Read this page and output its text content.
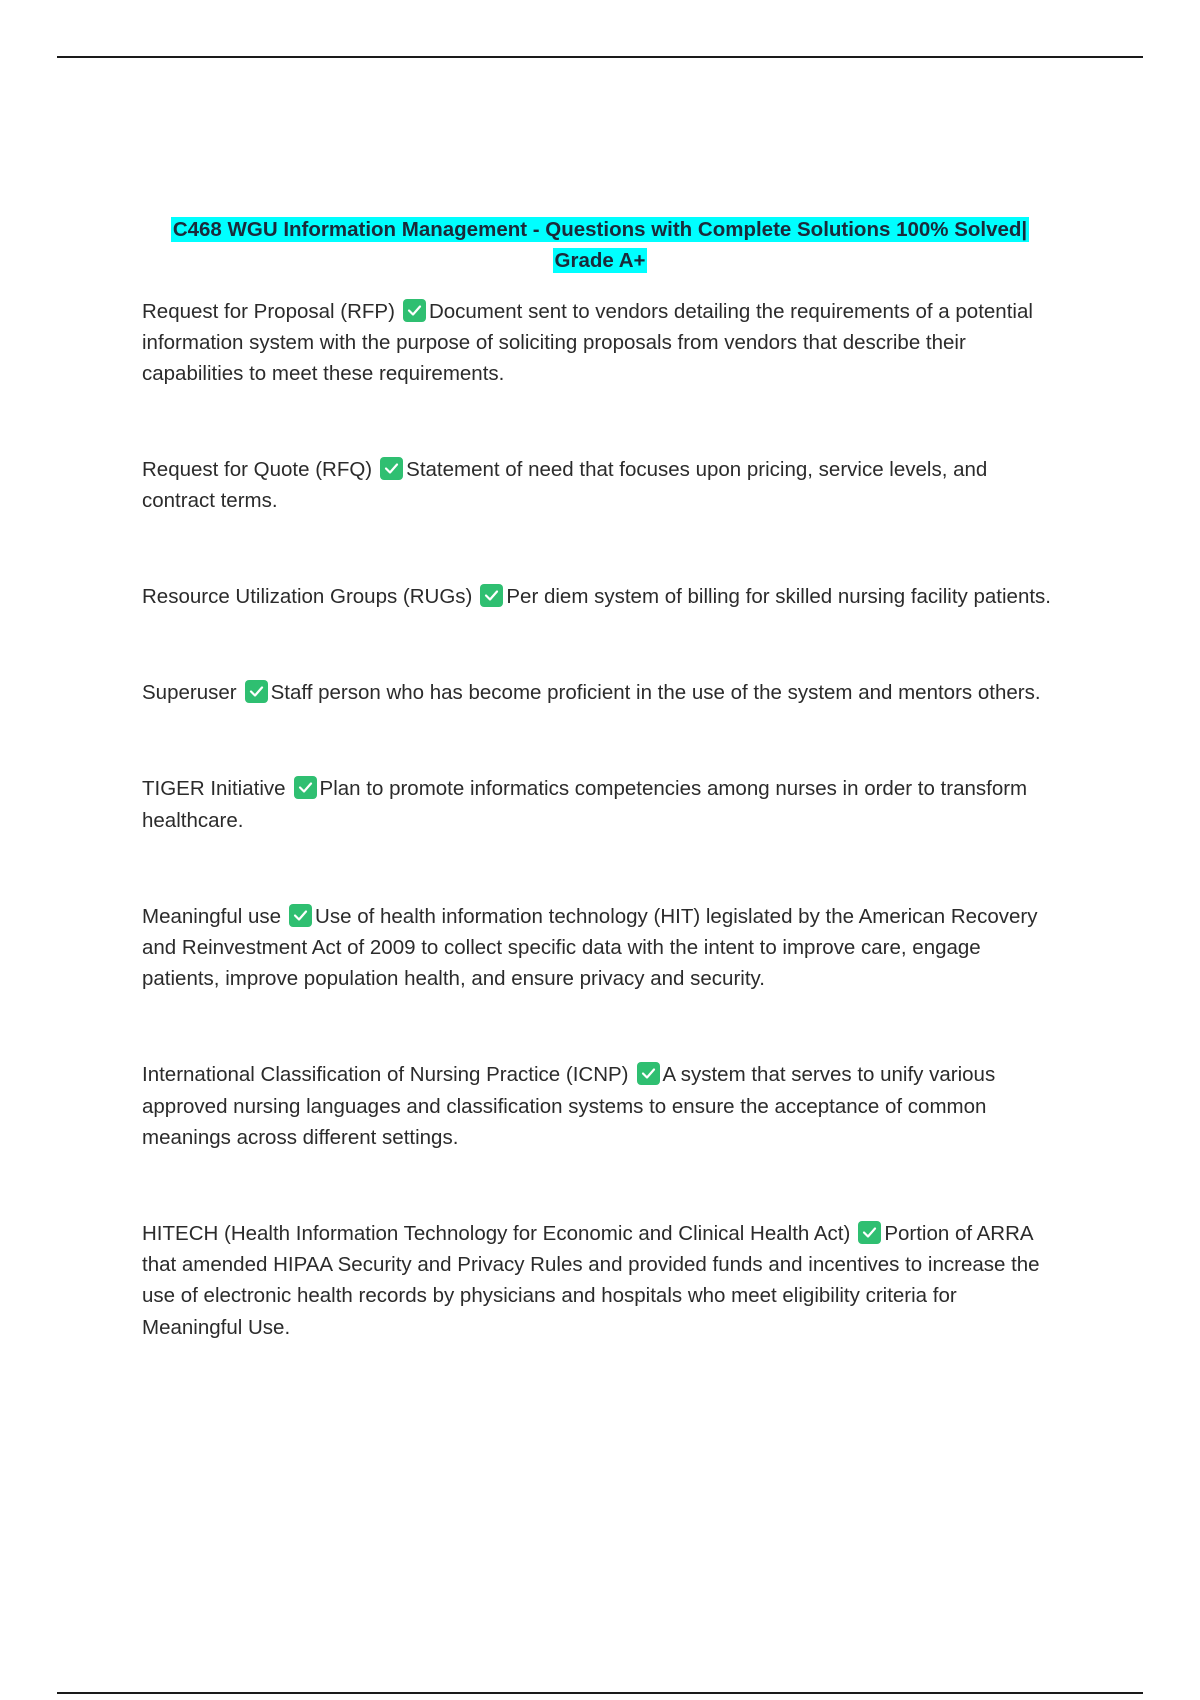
C468 WGU Information Management - Questions with Complete Solutions 100% Solved| Grade A+

Request for Proposal (RFP) Document sent to vendors detailing the requirements of a potential information system with the purpose of soliciting proposals from vendors that describe their capabilities to meet these requirements.

Request for Quote (RFQ) Statement of need that focuses upon pricing, service levels, and contract terms.

Resource Utilization Groups (RUGs) Per diem system of billing for skilled nursing facility patients.

Superuser Staff person who has become proficient in the use of the system and mentors others.

TIGER Initiative Plan to promote informatics competencies among nurses in order to transform healthcare.

Meaningful use Use of health information technology (HIT) legislated by the American Recovery and Reinvestment Act of 2009 to collect specific data with the intent to improve care, engage patients, improve population health, and ensure privacy and security.

International Classification of Nursing Practice (ICNP) A system that serves to unify various approved nursing languages and classification systems to ensure the acceptance of common meanings across different settings.

HITECH (Health Information Technology for Economic and Clinical Health Act) Portion of ARRA that amended HIPAA Security and Privacy Rules and provided funds and incentives to increase the use of electronic health records by physicians and hospitals who meet eligibility criteria for Meaningful Use.
